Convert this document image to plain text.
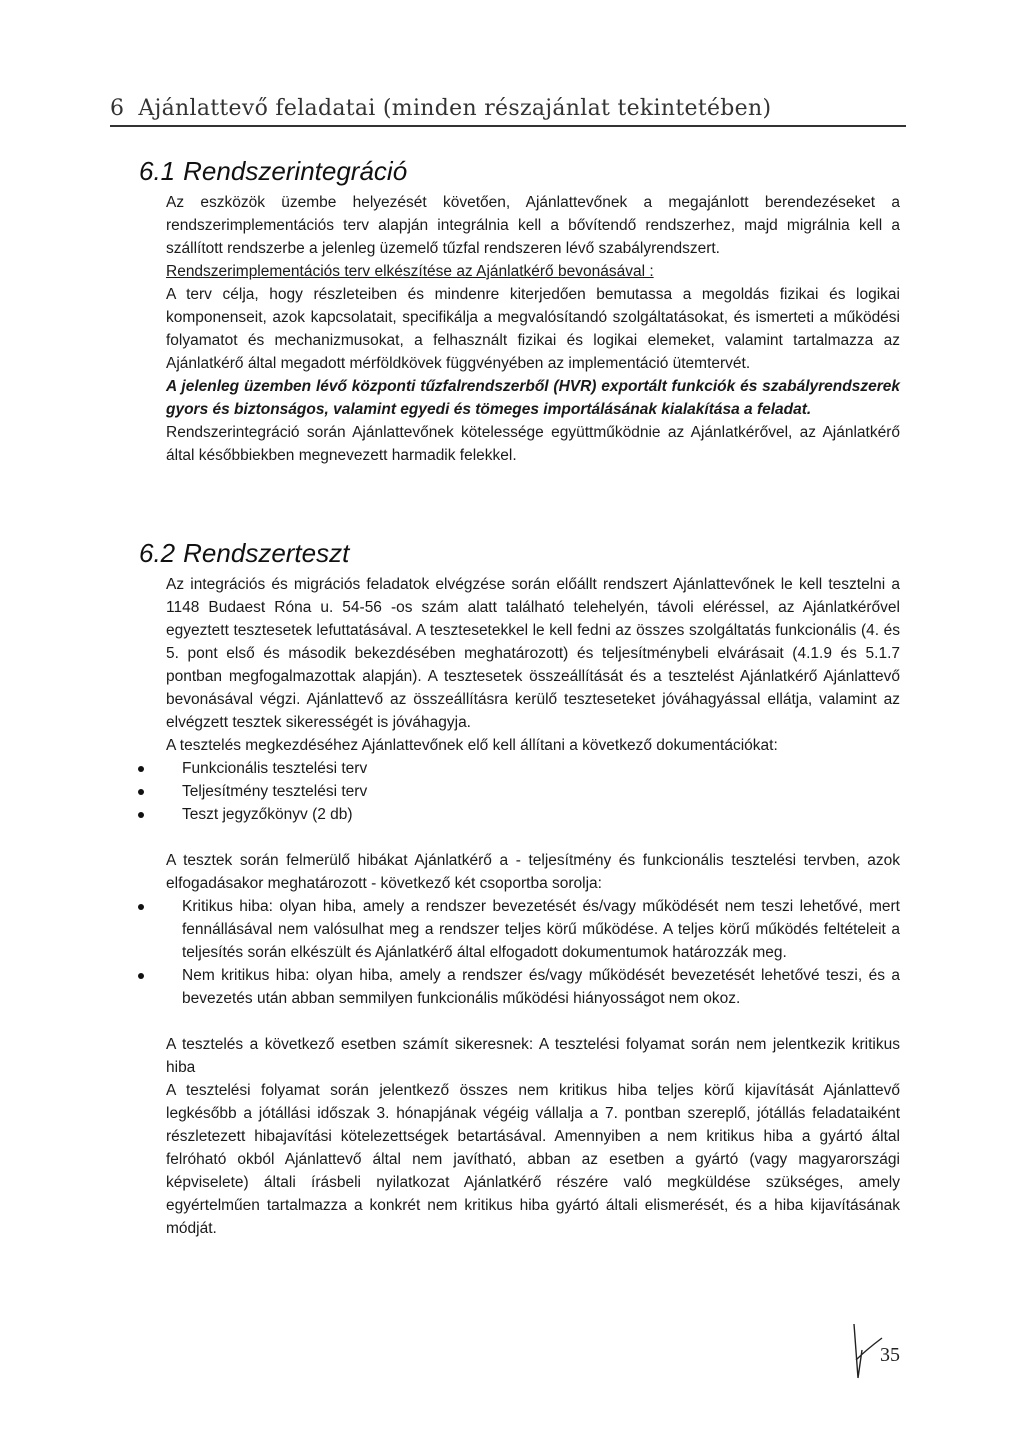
6 Ajánlattevő feladatai (minden részajánlat tekintetében)
6.1 Rendszerintegráció

Az eszközök üzembe helyezését követően, Ajánlattevőnek a megajánlott berendezéseket a rendszerimplementációs terv alapján integrálnia kell a bővítendő rendszerhez, majd migrálnia kell a szállított rendszerbe a jelenleg üzemelő tűzfal rendszeren lévő szabályrendszert.

Rendszerimplementációs terv elkészítése az Ajánlatkérő bevonásával :

A terv célja, hogy részleteiben és mindenre kiterjedően bemutassa a megoldás fizikai és logikai komponenseit, azok kapcsolatait, specifikálja a megvalósítandó szolgáltatásokat, és ismerteti a működési folyamatot és mechanizmusokat, a felhasznált fizikai és logikai elemeket, valamint tartalmazza az Ajánlatkérő által megadott mérföldkövek függvényében az implementáció ütemtervét.

A jelenleg üzemben lévő központi tűzfalrendszerből (HVR) exportált funkciók és szabályrendszerek gyors és biztonságos, valamint egyedi és tömeges importálásának kialakítása a feladat.

Rendszerintegráció során Ajánlattevőnek kötelessége együttműködnie az Ajánlatkérővel, az Ajánlatkérő által későbbiekben megnevezett harmadik felekkel.

6.2 Rendszerteszt

Az integrációs és migrációs feladatok elvégzése során előállt rendszert Ajánlattevőnek le kell tesztelni a 1148 Budaest Róna u. 54-56 -os szám alatt található telehelyén, távoli eléréssel, az Ajánlatkérővel egyeztett tesztesetek lefuttatásával. A tesztesetekkel le kell fedni az összes szolgáltatás funkcionális (4. és 5. pont első és második bekezdésében meghatározott) és teljesítménybeli elvárásait (4.1.9 és 5.1.7 pontban megfogalmazottak alapján). A tesztesetek összeállítását és a tesztelést Ajánlatkérő Ajánlattevő bevonásával végzi. Ajánlattevő az összeállításra kerülő teszteseteket jóváhagyással ellátja, valamint az elvégzett tesztek sikerességét is jóváhagyja.

A tesztelés megkezdéséhez Ajánlattevőnek elő kell állítani a következő dokumentációkat:

Funkcionális tesztelési terv
Teljesítmény tesztelési terv
Teszt jegyzőkönyv (2 db)

A tesztek során felmerülő hibákat Ajánlatkérő a - teljesítmény és funkcionális tesztelési tervben, azok elfogadásakor meghatározott - következő két csoportba sorolja:

Kritikus hiba: olyan hiba, amely a rendszer bevezetését és/vagy működését nem teszi lehetővé, mert fennállásával nem valósulhat meg a rendszer teljes körű működése. A teljes körű működés feltételeit a teljesítés során elkészült és Ajánlatkérő által elfogadott dokumentumok határozzák meg.
Nem kritikus hiba: olyan hiba, amely a rendszer és/vagy működését bevezetését lehetővé teszi, és a bevezetés után abban semmilyen funkcionális működési hiányosságot nem okoz.

A tesztelés a következő esetben számít sikeresnek: A tesztelési folyamat során nem jelentkezik kritikus hiba

A tesztelési folyamat során jelentkező összes nem kritikus hiba teljes körű kijavítását Ajánlattevő legkésőbb a jótállási időszak 3. hónapjának végéig vállalja a 7. pontban szereplő, jótállás feladataiként részletezett hibajavítási kötelezettségek betartásával. Amennyiben a nem kritikus hiba a gyártó által felróható okból Ajánlattevő által nem javítható, abban az esetben a gyártó (vagy magyarországi képviselete) általi írásbeli nyilatkozat Ajánlatkérő részére való megküldése szükséges, amely egyértelműen tartalmazza a konkrét nem kritikus hiba gyártó általi elismerését, és a hiba kijavításának módját.

35
